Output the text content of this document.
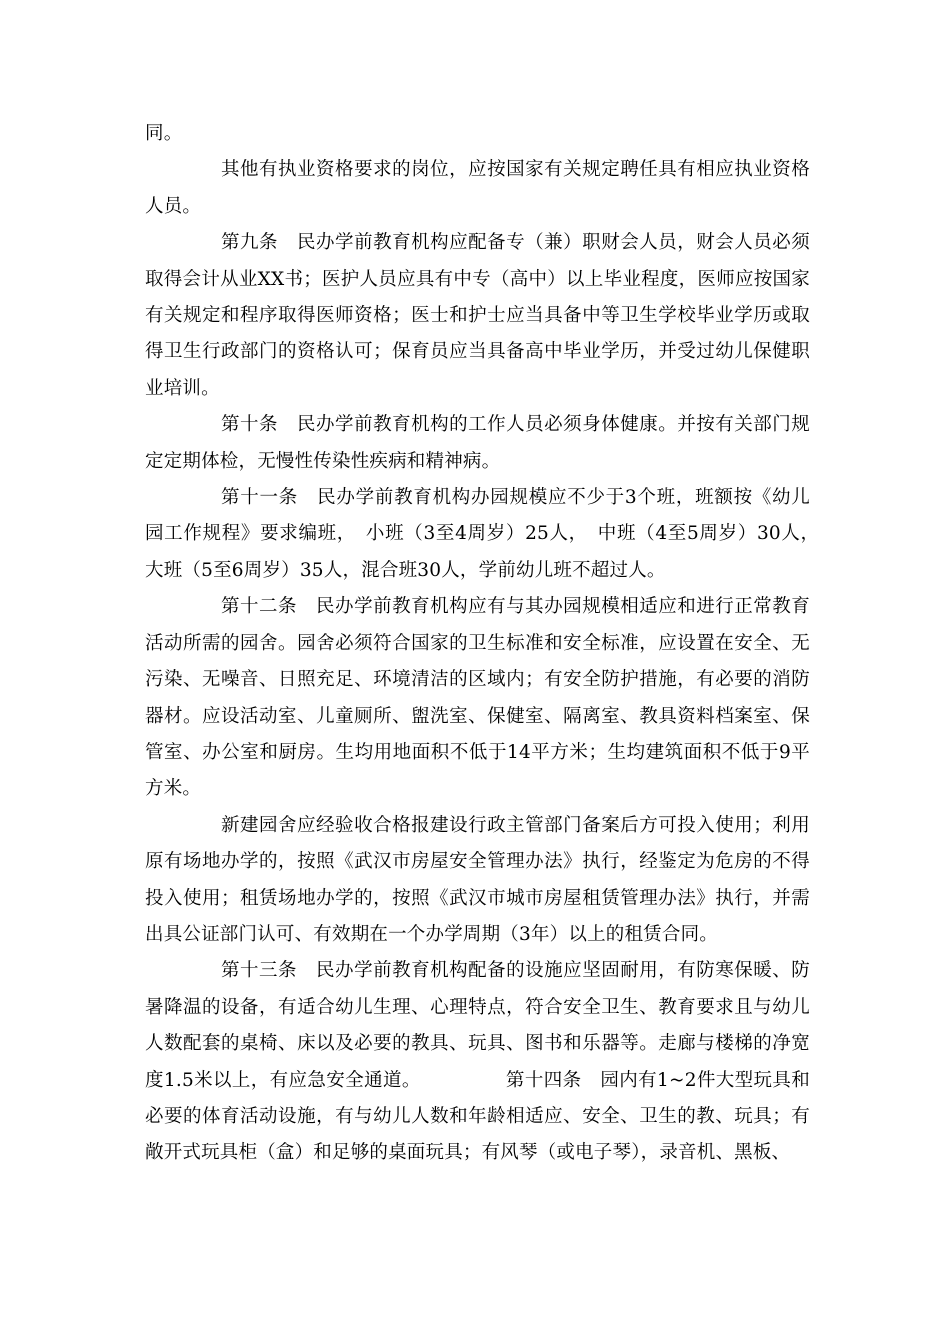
同。

其他有执业资格要求的岗位，应按国家有关规定聘任具有相应执业资格人员。

第九条　民办学前教育机构应配备专（兼）职财会人员，财会人员必须取得会计从业XX书；医护人员应具有中专（高中）以上毕业程度，医师应按国家有关规定和程序取得医师资格；医士和护士应当具备中等卫生学校毕业学历或取得卫生行政部门的资格认可；保育员应当具备高中毕业学历，并受过幼儿保健职业培训。

第十条　民办学前教育机构的工作人员必须身体健康。并按有关部门规定定期体检，无慢性传染性疾病和精神病。

第十一条　民办学前教育机构办园规模应不少于3个班，班额按《幼儿园工作规程》要求编班，　小班（3至4周岁）25人，　中班（4至5周岁）30人，　大班（5至6周岁）35人，混合班30人，学前幼儿班不超过人。

第十二条　民办学前教育机构应有与其办园规模相适应和进行正常教育活动所需的园舍。园舍必须符合国家的卫生标准和安全标准，应设置在安全、无污染、无噪音、日照充足、环境清洁的区域内；有安全防护措施，有必要的消防器材。应设活动室、儿童厕所、盥洗室、保健室、隔离室、教具资料档案室、保管室、办公室和厨房。生均用地面积不低于14平方米；生均建筑面积不低于9平方米。

新建园舍应经验收合格报建设行政主管部门备案后方可投入使用；利用原有场地办学的，按照《武汉市房屋安全管理办法》执行，经鉴定为危房的不得投入使用；租赁场地办学的，按照《武汉市城市房屋租赁管理办法》执行，并需出具公证部门认可、有效期在一个办学周期（3年）以上的租赁合同。

第十三条　民办学前教育机构配备的设施应坚固耐用，有防寒保暖、防暑降温的设备，有适合幼儿生理、心理特点，符合安全卫生、教育要求且与幼儿人数配套的桌椅、床以及必要的教具、玩具、图书和乐器等。走廊与楼梯的净宽度1.5米以上，有应急安全通道。　　　　　第十四条　园内有1~2件大型玩具和必要的体育活动设施，有与幼儿人数和年龄相适应、安全、卫生的教、玩具；有敞开式玩具柜（盒）和足够的桌面玩具；有风琴（或电子琴），录音机、黑板、
